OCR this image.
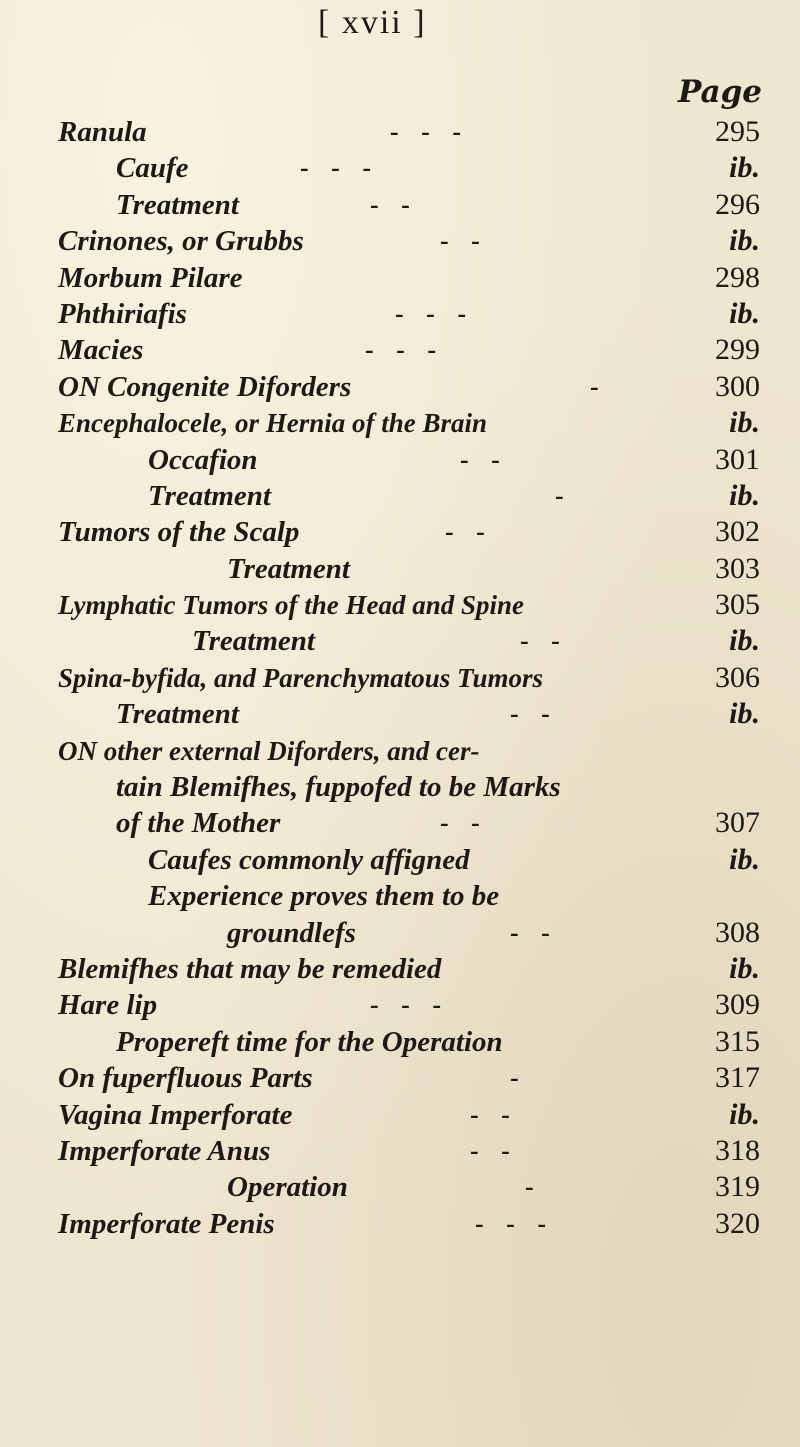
[ xvii ]
Page
Ranula	- - -	295
Caufe	- - -	ib.
Treatment	- -	296
Crinones, or Grubbs	- -	ib.
Morbum Pilare	298
Phthiriafis	- - -	ib.
Macies	- - -	299
ON Congenite Diforders	-	300
Encephalocele, or Hernia of the Brain	ib.
Occafion	- -	301
Treatment	-	ib.
Tumors of the Scalp	- -	302
Treatment	303
Lymphatic Tumors of the Head and Spine	305
Treatment	- -	ib.
Spina-byfida, and Parenchymatous Tumors	306
Treatment	- -	ib.
ON other external Diforders, and cer-
tain Blemifhes, fuppofed to be Marks
of the Mother	- -	307
Caufes commonly affigned	ib.
Experience proves them to be
groundlefs	- -	308
Blemifhes that may be remedied	ib.
Hare lip	- - -	309
Propereft time for the Operation	315
On fuperfluous Parts	-	317
Vagina Imperforate	- -	ib.
Imperforate Anus	- -	318
Operation	-	319
Imperforate Penis	- - -	320
